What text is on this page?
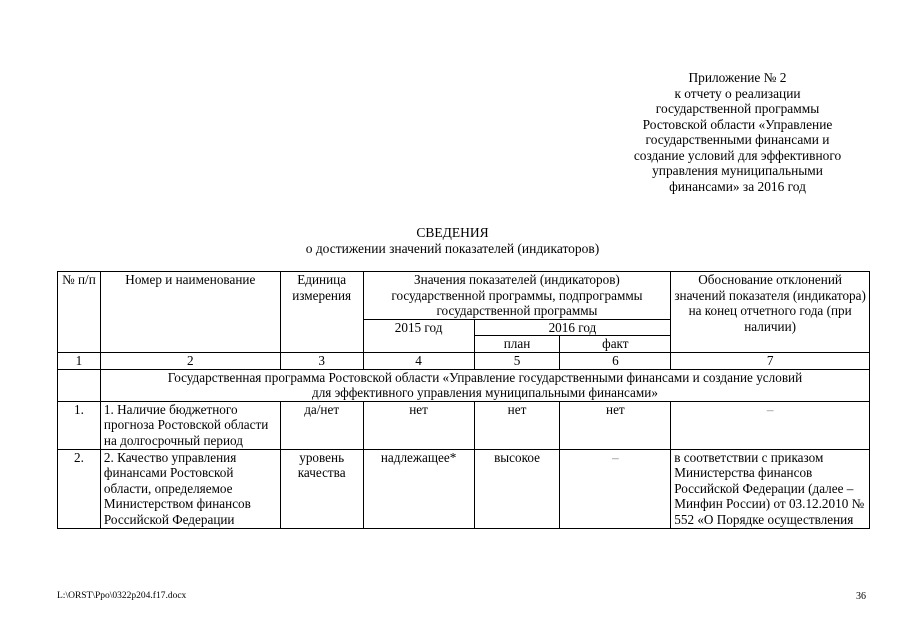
Приложение № 2
к отчету о реализации
государственной программы
Ростовской области «Управление
государственными финансами и
создание условий для эффективного
управления муниципальными
финансами» за 2016 год
СВЕДЕНИЯ
о достижении значений показателей (индикаторов)
№ п/п	Номер и наименование	Единица измерения	Значения показателей (индикаторов) государственной программы, подпрограммы государственной программы			Обоснование отклонений значений показателя (индикатора) на конец отчетного года (при наличии)
			2015 год	2016 год		
				план	факт	
1	2	3	4	5	6	7
	Государственная программа Ростовской области «Управление государственными финансами и создание условий для эффективного управления муниципальными финансами»					
1.	1. Наличие бюджетного прогноза Ростовской области на долгосрочный период	да/нет	нет	нет	нет	–
2.	2. Качество управления финансами Ростовской области, определяемое Министерством финансов Российской Федерации	уровень качества	надлежащее*	высокое	–	в соответствии с приказом Министерства финансов Российской Федерации (далее – Минфин России) от 03.12.2010 № 552 «О Порядке осуществления
L:\ORST\Ppo\0322p204.f17.docx	36
